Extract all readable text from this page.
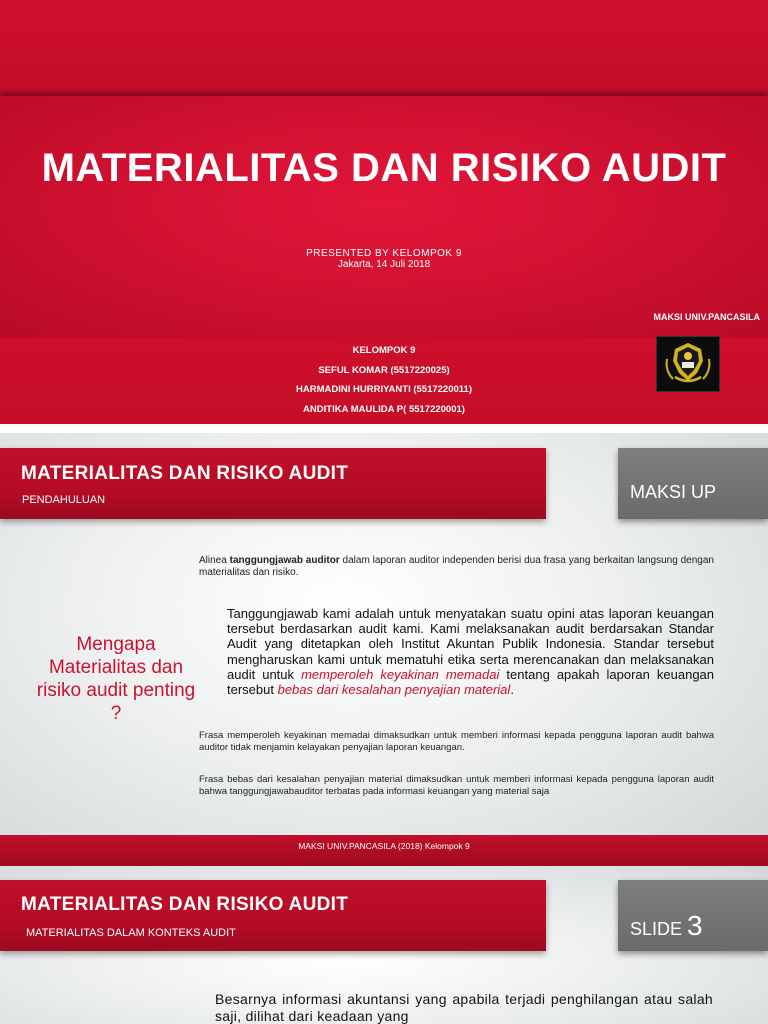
MATERIALITAS DAN RISIKO AUDIT
PRESENTED BY KELOMPOK 9
Jakarta, 14 Juli 2018
MAKSI UNIV.PANCASILA
KELOMPOK 9
SEFUL KOMAR (5517220025)
HARMADINI HURRIYANTI (5517220011)
ANDITIKA MAULIDA P( 5517220001)
MATERIALITAS DAN RISIKO AUDIT
PENDAHULUAN	MAKSI UP
Alinea tanggungjawab auditor dalam laporan auditor independen berisi dua frasa yang berkaitan langsung dengan materialitas dan risiko.
Mengapa Materialitas dan risiko audit penting ?
Tanggungjawab kami adalah untuk menyatakan suatu opini atas laporan keuangan tersebut berdasarkan audit kami. Kami melaksanakan audit berdarsakan Standar Audit yang ditetapkan oleh Institut Akuntan Publik Indonesia. Standar tersebut mengharuskan kami untuk mematuhi etika serta merencanakan dan melaksanakan audit untuk memperoleh keyakinan memadai tentang apakah laporan keuangan tersebut bebas dari kesalahan penyajian material.
Frasa memperoleh keyakinan memadai dimaksudkan untuk memberi informasi kepada pengguna laporan audit bahwa auditor tidak menjamin kelayakan penyajian laporan keuangan.
Frasa bebas dari kesalahan penyajian material dimaksudkan untuk memberi informasi kepada pengguna laporan audit bahwa tanggungjawabauditor terbatas pada informasi keuangan yang material saja
MAKSI UNIV.PANCASILA (2018) Kelompok 9
MATERIALITAS DAN RISIKO AUDIT
MATERIALITAS DALAM KONTEKS AUDIT	SLIDE 3
Besarnya informasi akuntansi yang apabila terjadi penghilangan atau salah saji, dilihat dari keadaan yang
